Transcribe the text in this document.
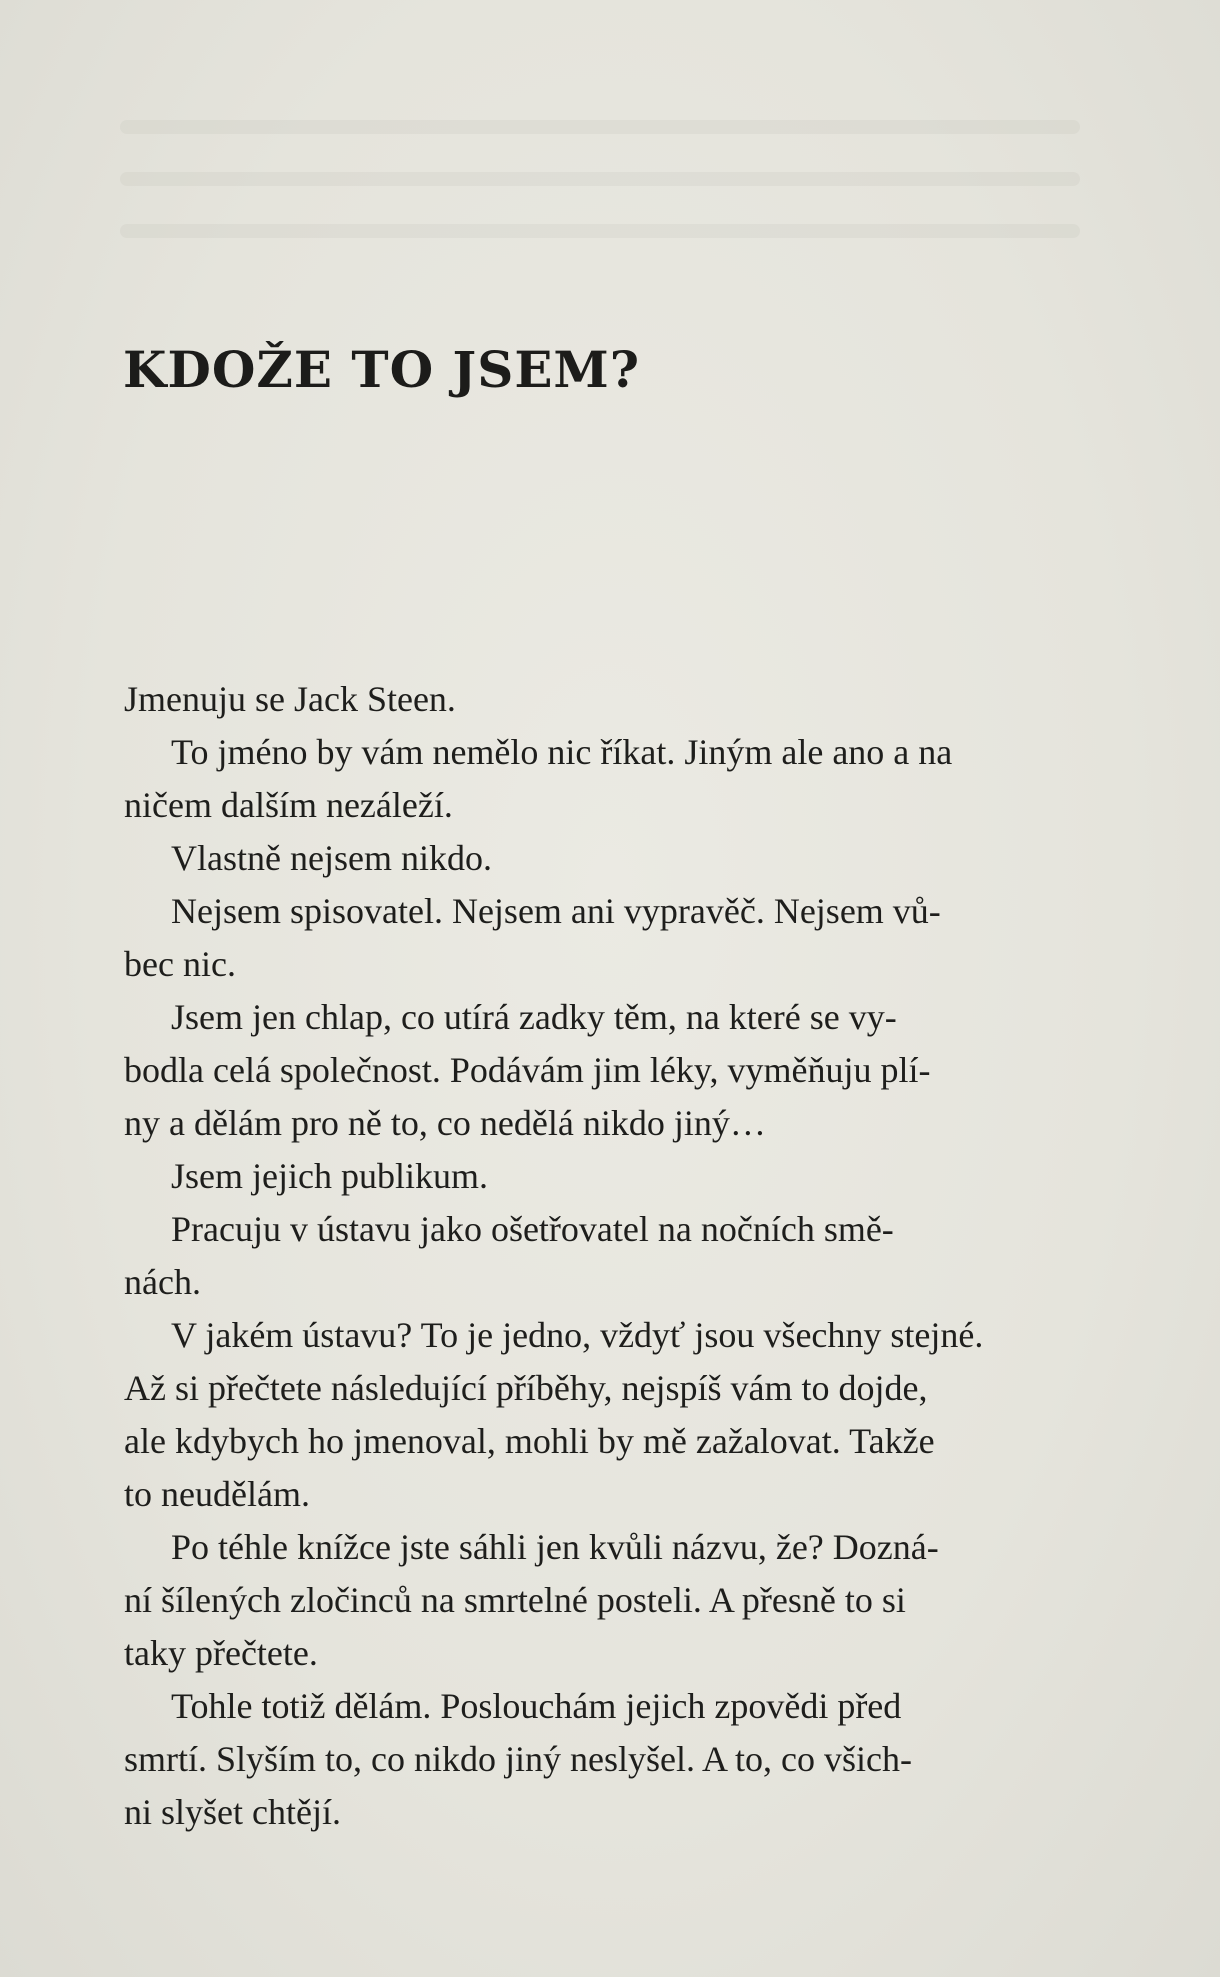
KDOŽE TO JSEM?
Jmenuju se Jack Steen.
To jméno by vám nemělo nic říkat. Jiným ale ano a na
ničem dalším nezáleží.
Vlastně nejsem nikdo.
Nejsem spisovatel. Nejsem ani vypravěč. Nejsem vů-
bec nic.
Jsem jen chlap, co utírá zadky těm, na které se vy-
bodla celá společnost. Podávám jim léky, vyměňuju plí-
ny a dělám pro ně to, co nedělá nikdo jiný…
Jsem jejich publikum.
Pracuju v ústavu jako ošetřovatel na nočních smě-
nách.
V jakém ústavu? To je jedno, vždyť jsou všechny stejné.
Až si přečtete následující příběhy, nejspíš vám to dojde,
ale kdybych ho jmenoval, mohli by mě zažalovat. Takže
to neudělám.
Po téhle knížce jste sáhli jen kvůli názvu, že? Dozná-
ní šílených zločinců na smrtelné posteli. A přesně to si
taky přečtete.
Tohle totiž dělám. Poslouchám jejich zpovědi před
smrtí. Slyším to, co nikdo jiný neslyšel. A to, co všich-
ni slyšet chtějí.
